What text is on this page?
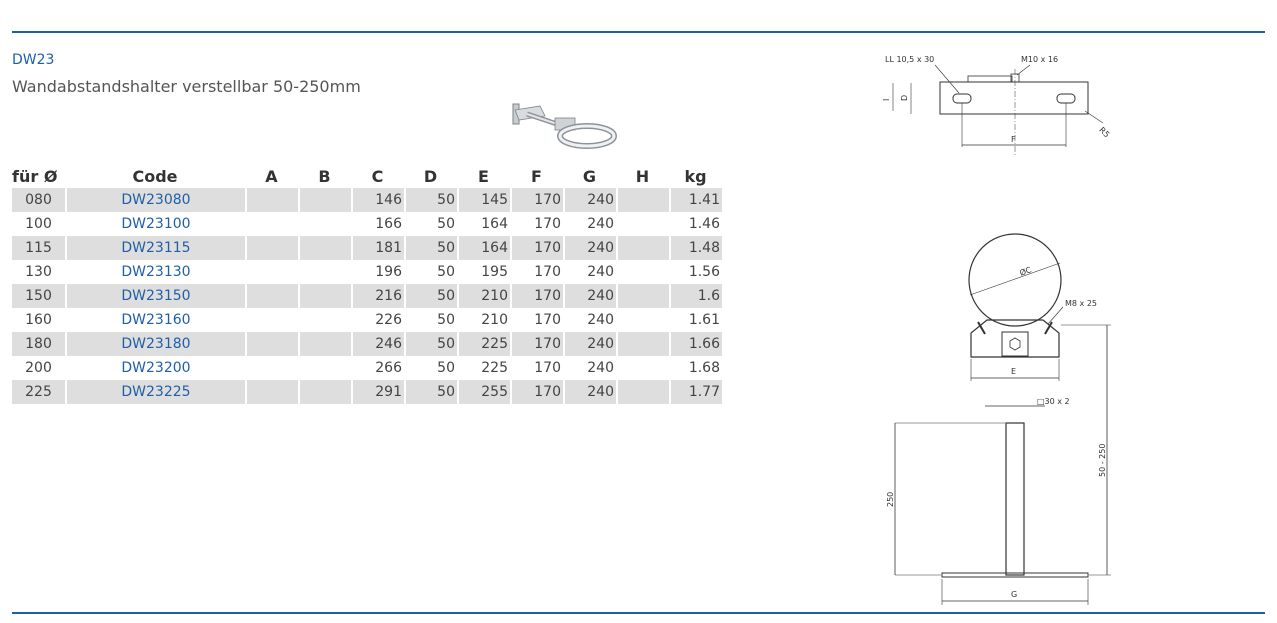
DW23
Wandabstandshalter verstellbar 50-250mm
für Ø	Code	A	B	C	D	E	F	G	H	kg
080	DW23080			146	50	145	170	240		1.41
100	DW23100			166	50	164	170	240		1.46
115	DW23115			181	50	164	170	240		1.48
130	DW23130			196	50	195	170	240		1.56
150	DW23150			216	50	210	170	240		1.6
160	DW23160			226	50	210	170	240		1.61
180	DW23180			246	50	225	170	240		1.66
200	DW23200			266	50	225	170	240		1.68
225	DW23225			291	50	255	170	240		1.77
LL 10,5 x 30	M10 x 16
I D
F
R5
ØC
M8 x 25
E
□30 x 2
250
50 - 250
G
